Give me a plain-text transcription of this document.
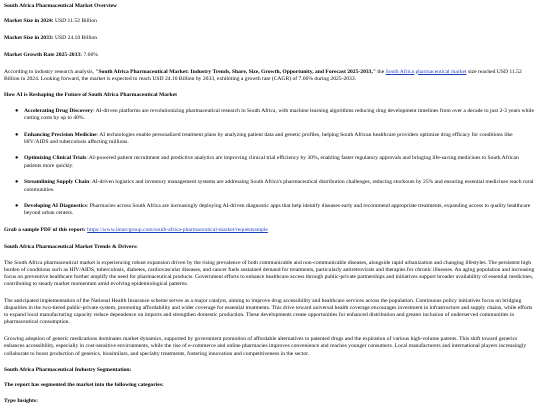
South Africa Pharmaceutical Market Overview

Market Size in 2024: USD 11.52 Billion

Market Size in 2033: USD 24.10 Billion

Market Growth Rate 2025-2033: 7.66%

According to industry research analysis, "South Africa Pharmaceutical Market: Industry Trends, Share, Size, Growth, Opportunity, and Forecast 2025-2033," the South Africa pharmaceutical market size reached USD 11.52 Billion in 2024. Looking forward, the market is expected to reach USD 24.10 Billion by 2033, exhibiting a growth rate (CAGR) of 7.66% during 2025-2033.

How AI is Reshaping the Future of South Africa Pharmaceutical Market

● Accelerating Drug Discovery: AI-driven platforms are revolutionizing pharmaceutical research in South Africa, with machine learning algorithms reducing drug development timelines from over a decade to just 2-3 years while cutting costs by up to 40%.
● Enhancing Precision Medicine: AI technologies enable personalized treatment plans by analyzing patient data and genetic profiles, helping South African healthcare providers optimize drug efficacy for conditions like HIV/AIDS and tuberculosis affecting millions.
● Optimizing Clinical Trials: AI-powered patient recruitment and predictive analytics are improving clinical trial efficiency by 30%, enabling faster regulatory approvals and bringing life-saving medicines to South African patients more quickly.
● Streamlining Supply Chain: AI-driven logistics and inventory management systems are addressing South Africa's pharmaceutical distribution challenges, reducing stockouts by 25% and ensuring essential medicines reach rural communities.
● Developing AI Diagnostics: Pharmacies across South Africa are increasingly deploying AI-driven diagnostic apps that help identify diseases early and recommend appropriate treatments, expanding access to quality healthcare beyond urban centers.

Grab a sample PDF of this report: https://www.imarcgroup.com/south-africa-pharmaceutical-market/requestsample

South Africa Pharmaceutical Market Trends & Drivers:

The South Africa pharmaceutical market is experiencing robust expansion driven by the rising prevalence of both communicable and non-communicable diseases, alongside rapid urbanization and changing lifestyles. The persistent high burden of conditions such as HIV/AIDS, tuberculosis, diabetes, cardiovascular diseases, and cancer fuels sustained demand for treatments, particularly antiretrovirals and therapies for chronic illnesses. An aging population and increasing focus on preventive healthcare further amplify the need for pharmaceutical products. Government efforts to enhance healthcare access through public-private partnerships and initiatives support broader availability of essential medicines, contributing to steady market momentum amid evolving epidemiological patterns.

The anticipated implementation of the National Health Insurance scheme serves as a major catalyst, aiming to improve drug accessibility and healthcare services across the population. Continuous policy initiatives focus on bridging disparities in the two-tiered public-private system, promoting affordability and wider coverage for essential treatments. This drive toward universal health coverage encourages investment in infrastructure and supply chains, while efforts to expand local manufacturing capacity reduce dependence on imports and strengthen domestic production. These developments create opportunities for enhanced distribution and greater inclusion of underserved communities in pharmaceutical consumption.

Growing adoption of generic medications dominates market dynamics, supported by government promotion of affordable alternatives to patented drugs and the expiration of various high-volume patents. This shift toward generics enhances accessibility, especially in cost-sensitive environments, while the rise of e-commerce and online pharmacies improves convenience and reaches younger consumers. Local manufacturers and international players increasingly collaborate to boost production of generics, biosimilars, and specialty treatments, fostering innovation and competitiveness in the sector.

South Africa Pharmaceutical Industry Segmentation:

The report has segmented the market into the following categories:

Type Insights:
